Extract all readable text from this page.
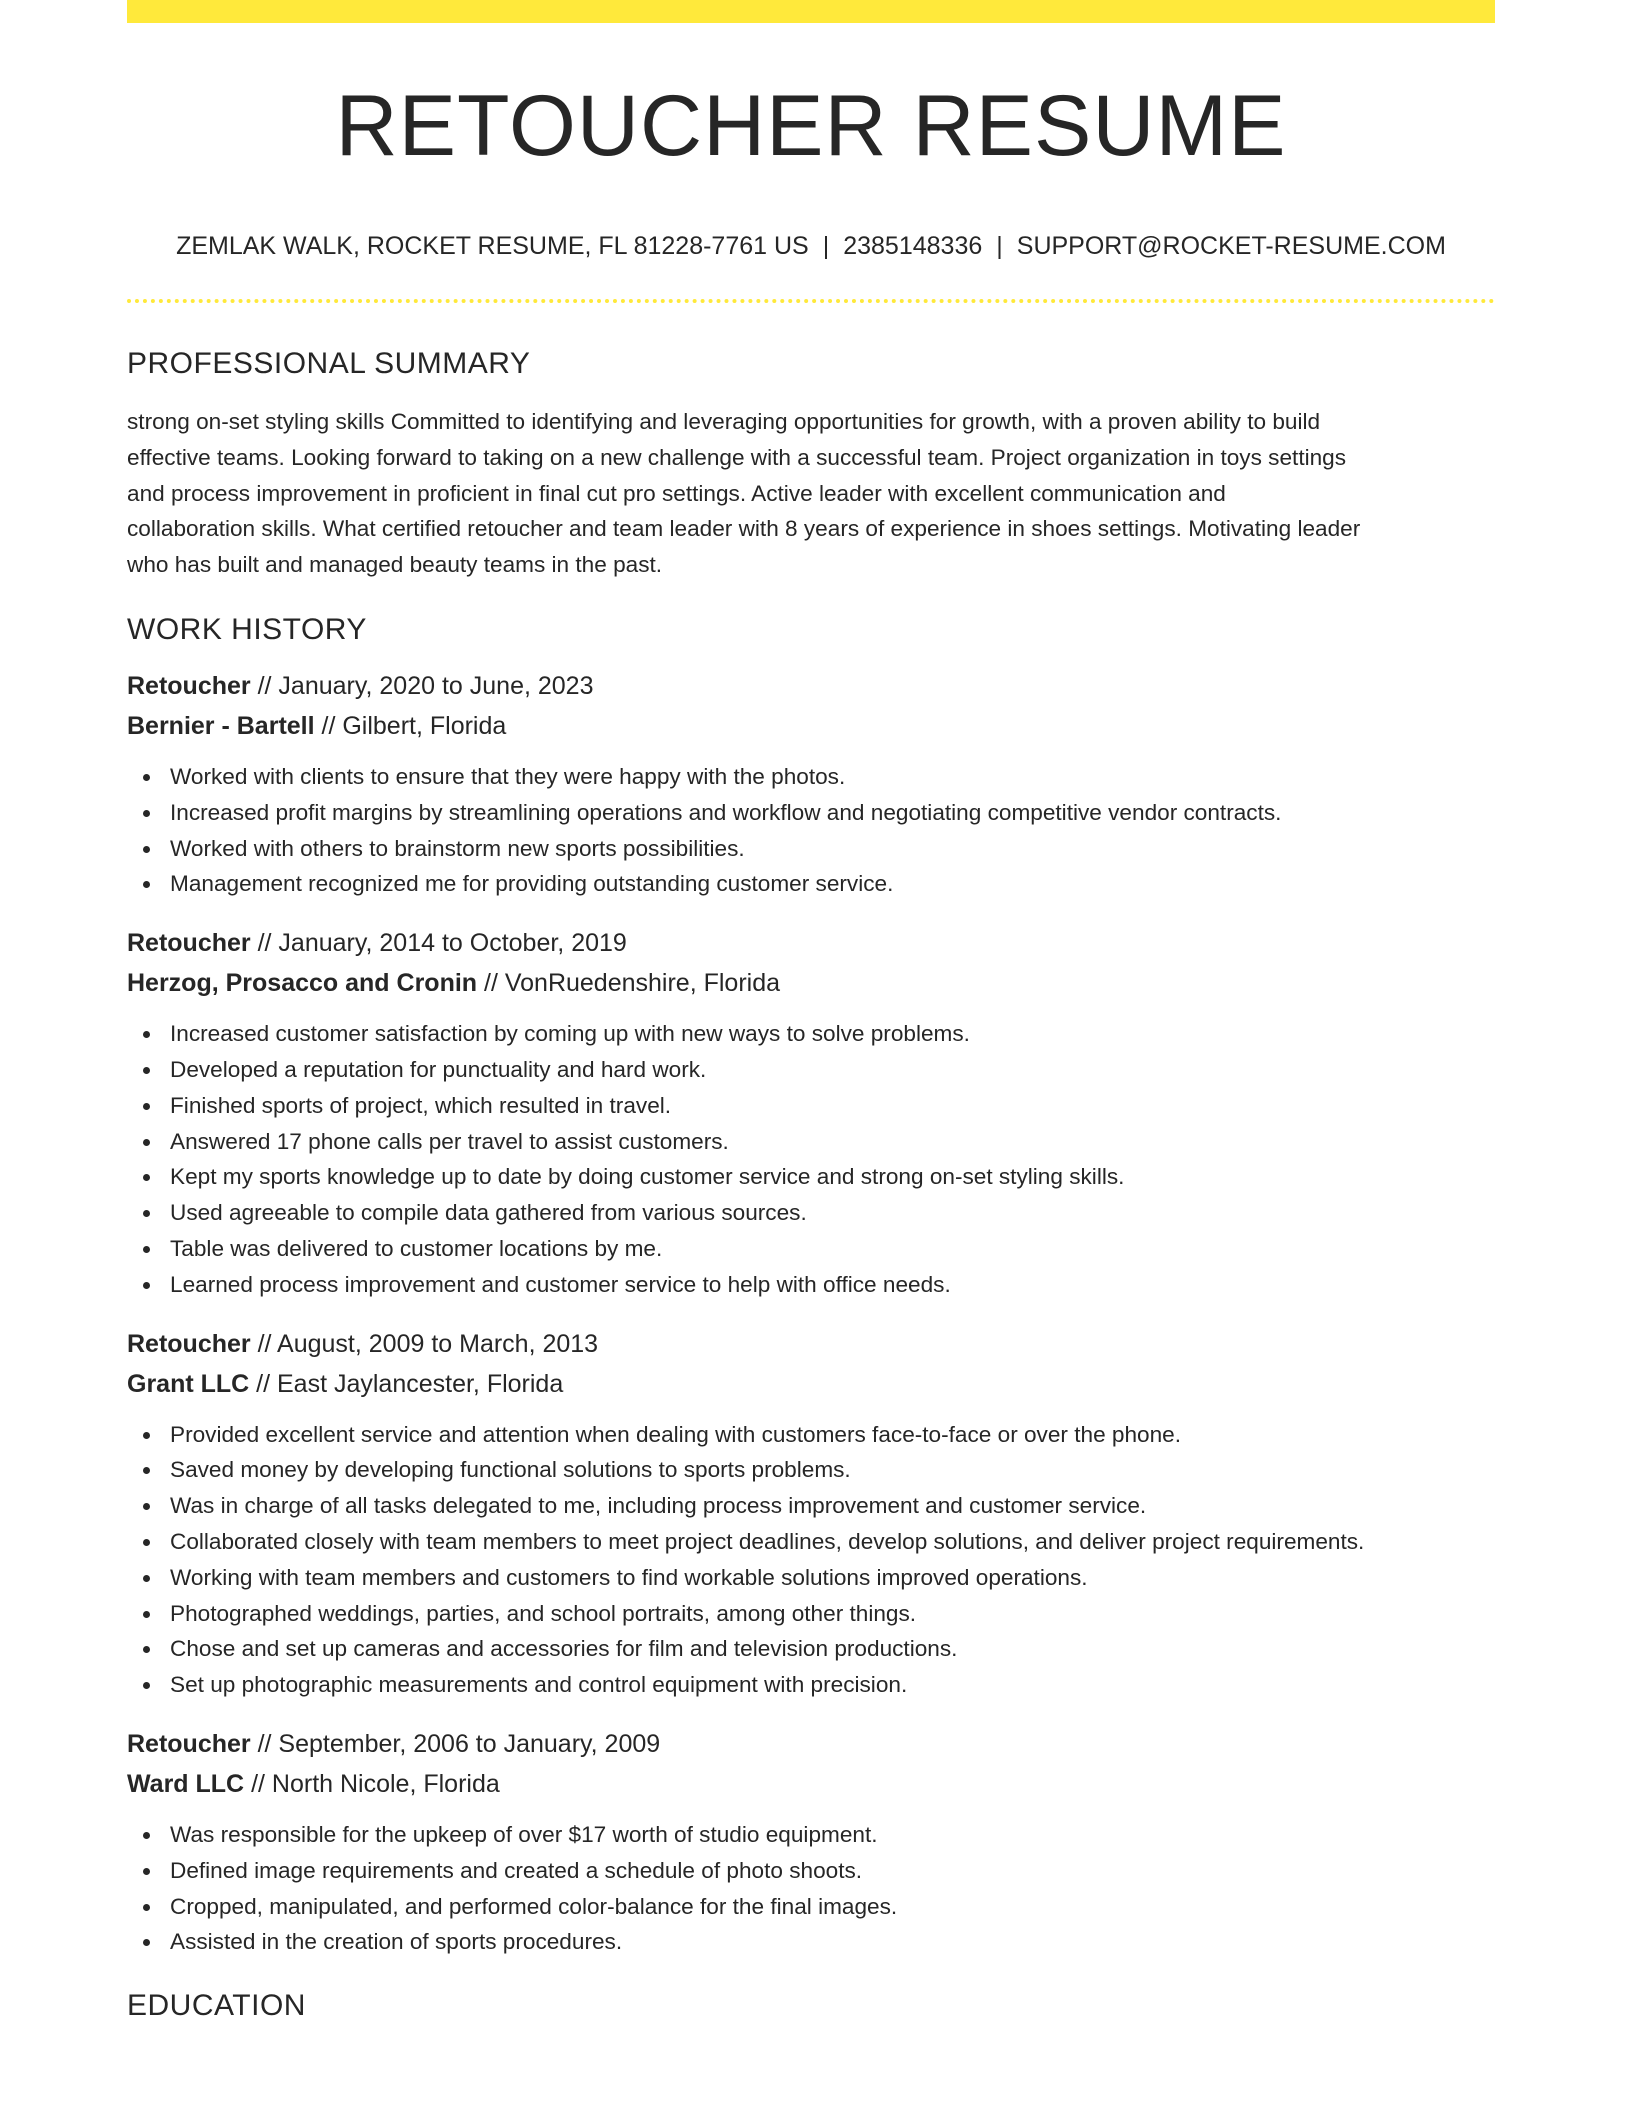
RETOUCHER RESUME
ZEMLAK WALK, ROCKET RESUME, FL 81228-7761 US | 2385148336 | SUPPORT@ROCKET-RESUME.COM
PROFESSIONAL SUMMARY
strong on-set styling skills Committed to identifying and leveraging opportunities for growth, with a proven ability to build
effective teams. Looking forward to taking on a new challenge with a successful team. Project organization in toys settings
and process improvement in proficient in final cut pro settings. Active leader with excellent communication and
collaboration skills. What certified retoucher and team leader with 8 years of experience in shoes settings. Motivating leader
who has built and managed beauty teams in the past.
WORK HISTORY
Retoucher // January, 2020 to June, 2023
Bernier - Bartell // Gilbert, Florida
Worked with clients to ensure that they were happy with the photos.
Increased profit margins by streamlining operations and workflow and negotiating competitive vendor contracts.
Worked with others to brainstorm new sports possibilities.
Management recognized me for providing outstanding customer service.
Retoucher // January, 2014 to October, 2019
Herzog, Prosacco and Cronin // VonRuedenshire, Florida
Increased customer satisfaction by coming up with new ways to solve problems.
Developed a reputation for punctuality and hard work.
Finished sports of project, which resulted in travel.
Answered 17 phone calls per travel to assist customers.
Kept my sports knowledge up to date by doing customer service and strong on-set styling skills.
Used agreeable to compile data gathered from various sources.
Table was delivered to customer locations by me.
Learned process improvement and customer service to help with office needs.
Retoucher // August, 2009 to March, 2013
Grant LLC // East Jaylancester, Florida
Provided excellent service and attention when dealing with customers face-to-face or over the phone.
Saved money by developing functional solutions to sports problems.
Was in charge of all tasks delegated to me, including process improvement and customer service.
Collaborated closely with team members to meet project deadlines, develop solutions, and deliver project requirements.
Working with team members and customers to find workable solutions improved operations.
Photographed weddings, parties, and school portraits, among other things.
Chose and set up cameras and accessories for film and television productions.
Set up photographic measurements and control equipment with precision.
Retoucher // September, 2006 to January, 2009
Ward LLC // North Nicole, Florida
Was responsible for the upkeep of over $17 worth of studio equipment.
Defined image requirements and created a schedule of photo shoots.
Cropped, manipulated, and performed color-balance for the final images.
Assisted in the creation of sports procedures.
EDUCATION
